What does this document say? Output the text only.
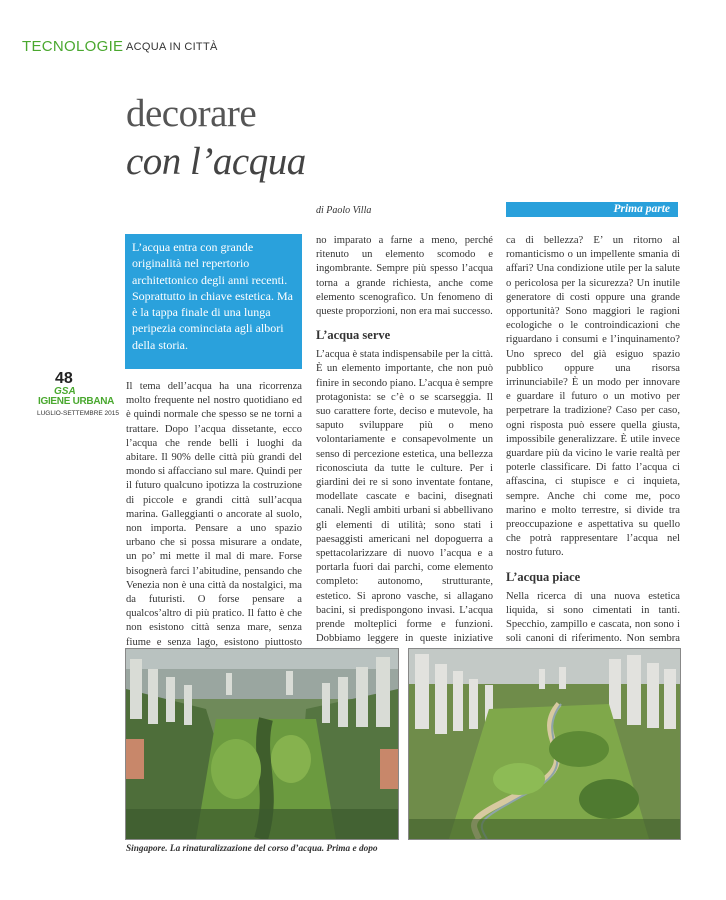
TECNOLOGIE ACQUA IN CITTÀ
decorare
con l’acqua
di Paolo Villa	Prima parte
L’acqua entra con grande originalità nel repertorio architettonico degli anni recenti. Soprattutto in chiave estetica. Ma è la tappa finale di una lunga peripezia cominciata agli albori della storia.
48
GSA
IGIENE URBANA
LUGLIO-SETTEMBRE 2015

Il tema dell’acqua ha una ricorrenza molto frequente nel nostro quotidiano ed è quindi normale che spesso se ne torni a trattare. Dopo l’acqua dissetante, ecco l’acqua che rende belli i luoghi da abitare. Il 90% delle città più grandi del mondo si affacciano sul mare. Quindi per il futuro qualcuno ipotizza la costruzione di piccole e grandi città sull’acqua marina. Galleggianti o ancorate al suolo, non importa. Pensare a uno spazio urbano che si possa misurare a ondate, un po’ mi mette il mal di mare. Forse bisognerà farci l’abitudine, pensando che Venezia non è una città da nostalgici, ma da futuristi. O forse pensare a qualcos’altro di più pratico. Il fatto è che non esistono città senza mare, senza fiume e senza lago, esistono piuttosto

no imparato a farne a meno, perché ritenuto un elemento scomodo e ingombrante. Sempre più spesso l’acqua torna a grande richiesta, anche come elemento scenografico. Un fenomeno di queste proporzioni, non era mai successo.

L’acqua serve

L’acqua è stata indispensabile per la città. È un elemento importante, che non può finire in secondo piano. L’acqua è sempre protagonista: se c’è o se scarseggia. Il suo carattere forte, deciso e mutevole, ha saputo sviluppare più o meno volontariamente e consapevolmente un senso di percezione estetica, una bellezza riconosciuta da tutte le culture. Per i giardini dei re si sono inventate fontane, modellate cascate e bacini, disegnati canali. Negli ambiti urbani si abbellivano gli elementi di utilità; sono stati i paesaggisti americani nel dopoguerra a spettacolarizzare di nuovo l’acqua e a portarla fuori dai parchi, come elemento completo: autonomo, strutturante, estetico. Si aprono vasche, si allagano bacini, si predispongono invasi. L’acqua prende molteplici forme e funzioni. Dobbiamo leggere in queste iniziative

ca di bellezza? E’ un ritorno al romanticismo o un impellente smania di affari? Una condizione utile per la salute o pericolosa per la sicurezza? Un inutile generatore di costi oppure una grande opportunità? Sono maggiori le ragioni ecologiche o le controindicazioni che riguardano i consumi e l’inquinamento? Uno spreco del già esiguo spazio pubblico oppure una risorsa irrinunciabile? È un modo per innovare e guardare il futuro o un motivo per perpetrare la tradizione? Caso per caso, ogni risposta può essere quella giusta, impossibile generalizzare. È utile invece guardare più da vicino le varie realtà per poterle classificare. Di fatto l’acqua ci affascina, ci stupisce e ci inquieta, sempre. Anche chi come me, poco marino e molto terrestre, si divide tra preoccupazione e aspettativa su quello che potrà rappresentare l’acqua nel nostro futuro.

L’acqua piace

Nella ricerca di una nuova estetica liquida, si sono cimentati in tanti. Specchio, zampillo e cascata, non sono i soli canoni di riferimento. Non sembra

Singapore. La rinaturalizzazione del corso d’acqua. Prima e dopo
